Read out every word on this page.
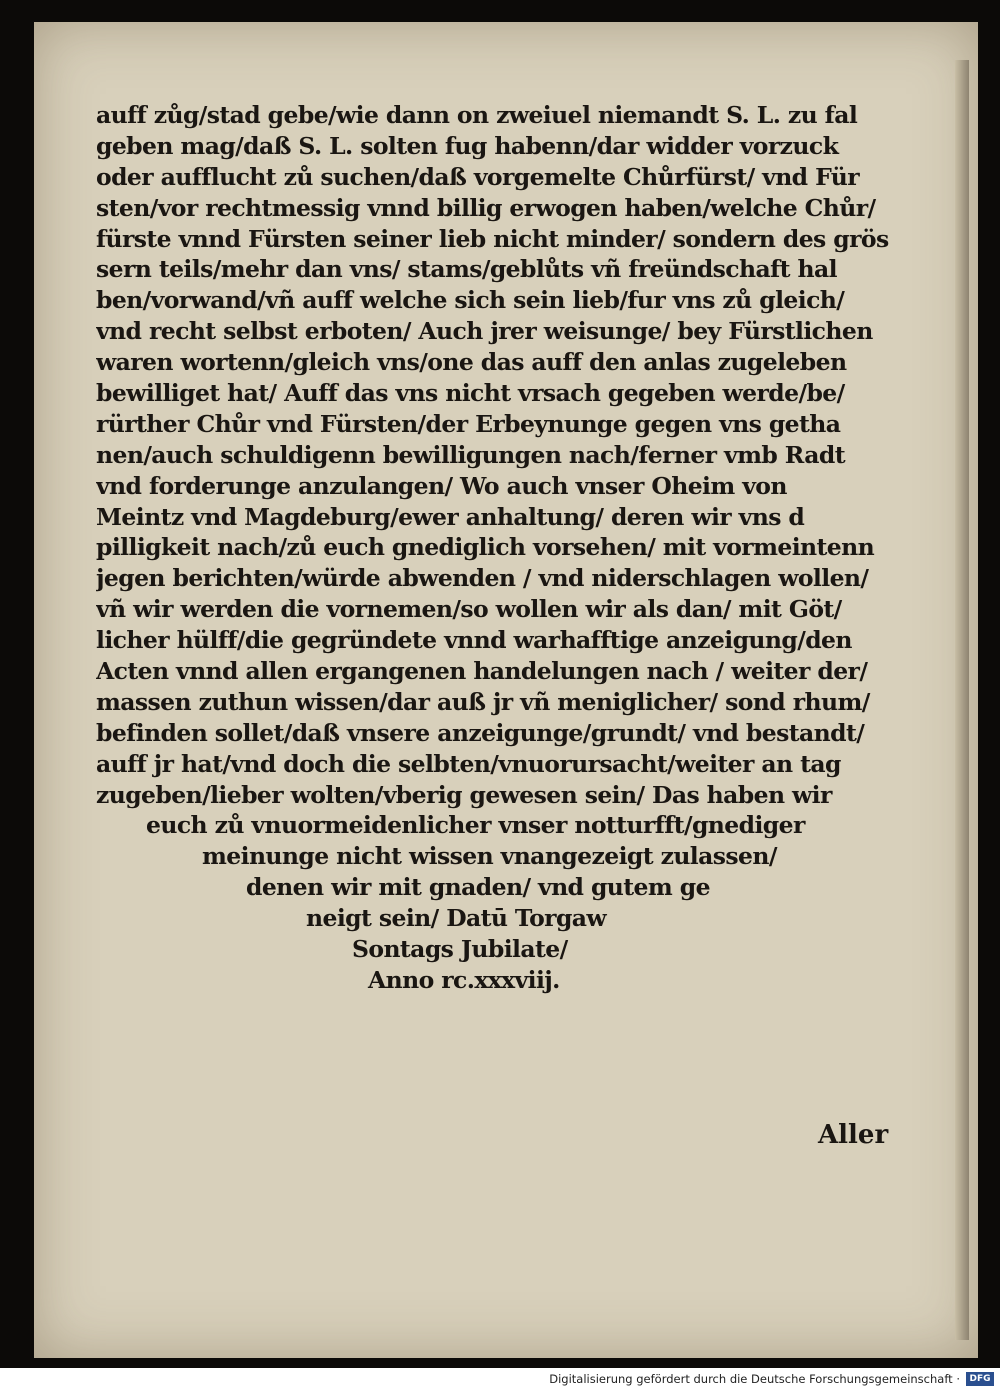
auff zůg/stad gebe/wie dann on zweiuel niemandt S. L. zu fal
geben mag/daß S. L. solten fug habenn/dar widder vorzuck
oder aufflucht zů suchen/daß vorgemelte Chůrfürst/ vnd Für
sten/vor rechtmessig vnnd billig erwogen haben/welche Chůr/
fürste vnnd Fürsten seiner lieb nicht minder/ sondern des grös
sern teils/mehr dan vns/ stams/geblůts vñ freündschaft hal
ben/vorwand/vñ auff welche sich sein lieb/fur vns zů gleich/
vnd recht selbst erboten/ Auch jrer weisunge/ bey Fürstlichen
waren wortenn/gleich vns/one das auff den anlas zugeleben
bewilliget hat/ Auff das vns nicht vrsach gegeben werde/be/
rürther Chůr vnd Fürsten/der Erbeynunge gegen vns getha
nen/auch schuldigenn bewilligungen nach/ferner vmb Radt
vnd forderunge anzulangen/ Wo auch vnser Oheim von
Meintz vnd Magdeburg/ewer anhaltung/ deren wir vns d
pilligkeit nach/zů euch gnediglich vorsehen/ mit vormeintenn
jegen berichten/würde abwenden / vnd niderschlagen wollen/
vñ wir werden die vornemen/so wollen wir als dan/ mit Göt/
licher hülff/die gegründete vnnd warhafftige anzeigung/den
Acten vnnd allen ergangenen handelungen nach / weiter der/
massen zuthun wissen/dar auß jr vñ meniglicher/ sond rhum/
befinden sollet/daß vnsere anzeigunge/grundt/ vnd bestandt/
auff jr hat/vnd doch die selbten/vnuorursacht/weiter an tag
zugeben/lieber wolten/vberig gewesen sein/ Das haben wir
euch zů vnuormeidenlicher vnser notturfft/gnediger
meinunge nicht wissen vnangezeigt zulassen/
denen wir mit gnaden/ vnd gutem ge
neigt sein/ Datū Torgaw
Sontags Jubilate/
Anno rc.xxxviij.
Aller
Digitalisierung gefördert durch die Deutsche Forschungsgemeinschaft ·	DFG
